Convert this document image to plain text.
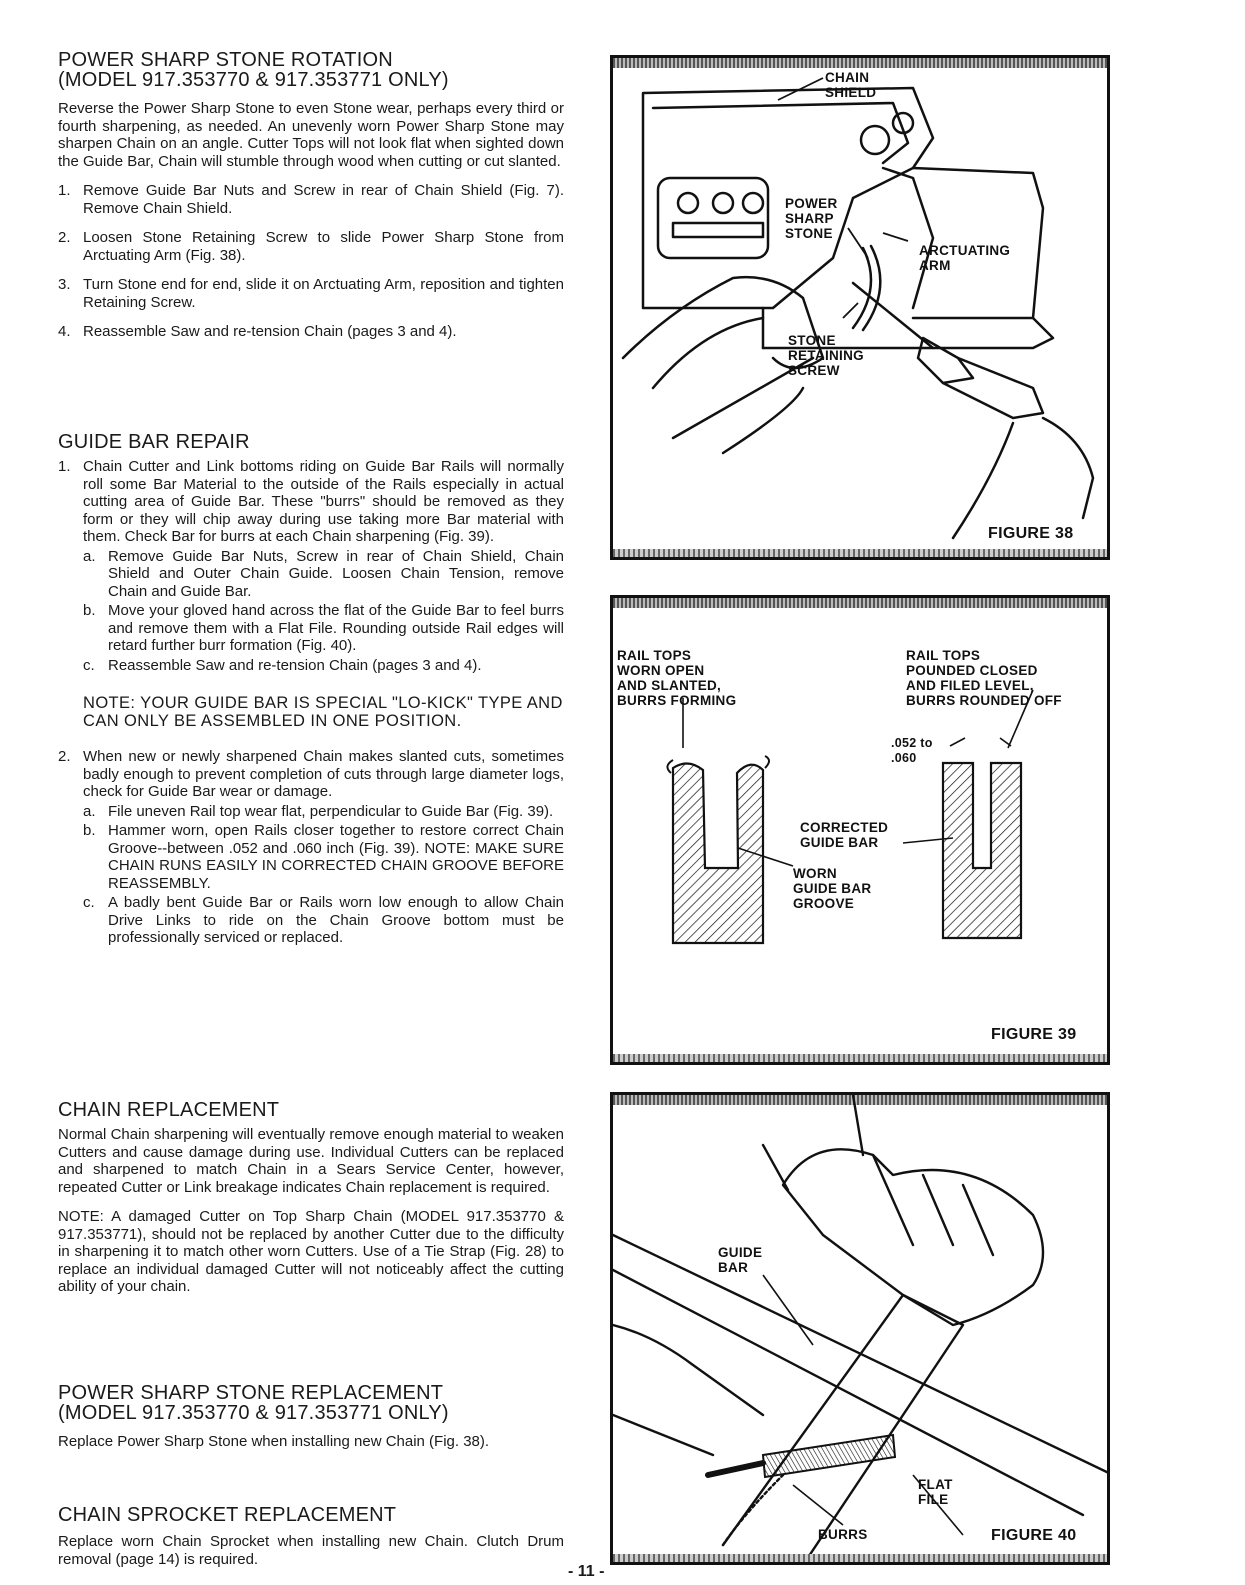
POWER SHARP STONE ROTATION
(MODEL 917.353770 & 917.353771 ONLY)

Reverse the Power Sharp Stone to even Stone wear, perhaps every third or fourth sharpening, as needed. An unevenly worn Power Sharp Stone may sharpen Chain on an angle. Cutter Tops will not look flat when sighted down the Guide Bar, Chain will stumble through wood when cutting or cut slanted.

1. Remove Guide Bar Nuts and Screw in rear of Chain Shield (Fig. 7). Remove Chain Shield.
2. Loosen Stone Retaining Screw to slide Power Sharp Stone from Arctuating Arm (Fig. 38).
3. Turn Stone end for end, slide it on Arctuating Arm, reposition and tighten Retaining Screw.
4. Reassemble Saw and re-tension Chain (pages 3 and 4).
GUIDE BAR REPAIR
1. Chain Cutter and Link bottoms riding on Guide Bar Rails will normally roll some Bar Material to the outside of the Rails especially in actual cutting area of Guide Bar. These "burrs" should be removed as they form or they will chip away during use taking more Bar material with them. Check Bar for burrs at each Chain sharpening (Fig. 39).
a. Remove Guide Bar Nuts, Screw in rear of Chain Shield, Chain Shield and Outer Chain Guide. Loosen Chain Tension, remove Chain and Guide Bar.
b. Move your gloved hand across the flat of the Guide Bar to feel burrs and remove them with a Flat File. Rounding outside Rail edges will retard further burr formation (Fig. 40).
c. Reassemble Saw and re-tension Chain (pages 3 and 4).
NOTE: YOUR GUIDE BAR IS SPECIAL "LO-KICK" TYPE AND CAN ONLY BE ASSEMBLED IN ONE POSITION.
2. When new or newly sharpened Chain makes slanted cuts, sometimes badly enough to prevent completion of cuts through large diameter logs, check for Guide Bar wear or damage.
a. File uneven Rail top wear flat, perpendicular to Guide Bar (Fig. 39).
b. Hammer worn, open Rails closer together to restore correct Chain Groove--between .052 and .060 inch (Fig. 39). NOTE: MAKE SURE CHAIN RUNS EASILY IN CORRECTED CHAIN GROOVE BEFORE REASSEMBLY.
c. A badly bent Guide Bar or Rails worn low enough to allow Chain Drive Links to ride on the Chain Groove bottom must be professionally serviced or replaced.
CHAIN REPLACEMENT

Normal Chain sharpening will eventually remove enough material to weaken Cutters and cause damage during use. Individual Cutters can be replaced and sharpened to match Chain in a Sears Service Center, however, repeated Cutter or Link breakage indicates Chain replacement is required.

NOTE: A damaged Cutter on Top Sharp Chain (MODEL 917.353770 & 917.353771), should not be replaced by another Cutter due to the difficulty in sharpening it to match other worn Cutters. Use of a Tie Strap (Fig. 28) to replace an individual damaged Cutter will not noticeably affect the cutting ability of your chain.

POWER SHARP STONE REPLACEMENT
(MODEL 917.353770 & 917.353771 ONLY)

Replace Power Sharp Stone when installing new Chain (Fig. 38).

CHAIN SPROCKET REPLACEMENT

Replace worn Chain Sprocket when installing new Chain. Clutch Drum removal (page 14) is required.

- 11 -
CHAIN
SHIELD
POWER
SHARP
STONE
ARCTUATING
ARM
STONE
RETAINING
SCREW
FIGURE 38
RAIL TOPS
WORN OPEN
AND SLANTED,
BURRS FORMING
RAIL TOPS
POUNDED CLOSED
AND FILED LEVEL,
BURRS ROUNDED OFF
.052 to
.060
CORRECTED
GUIDE BAR
WORN
GUIDE BAR
GROOVE
FIGURE 39
GUIDE
BAR
FLAT
FILE
BURRS	FIGURE 40
